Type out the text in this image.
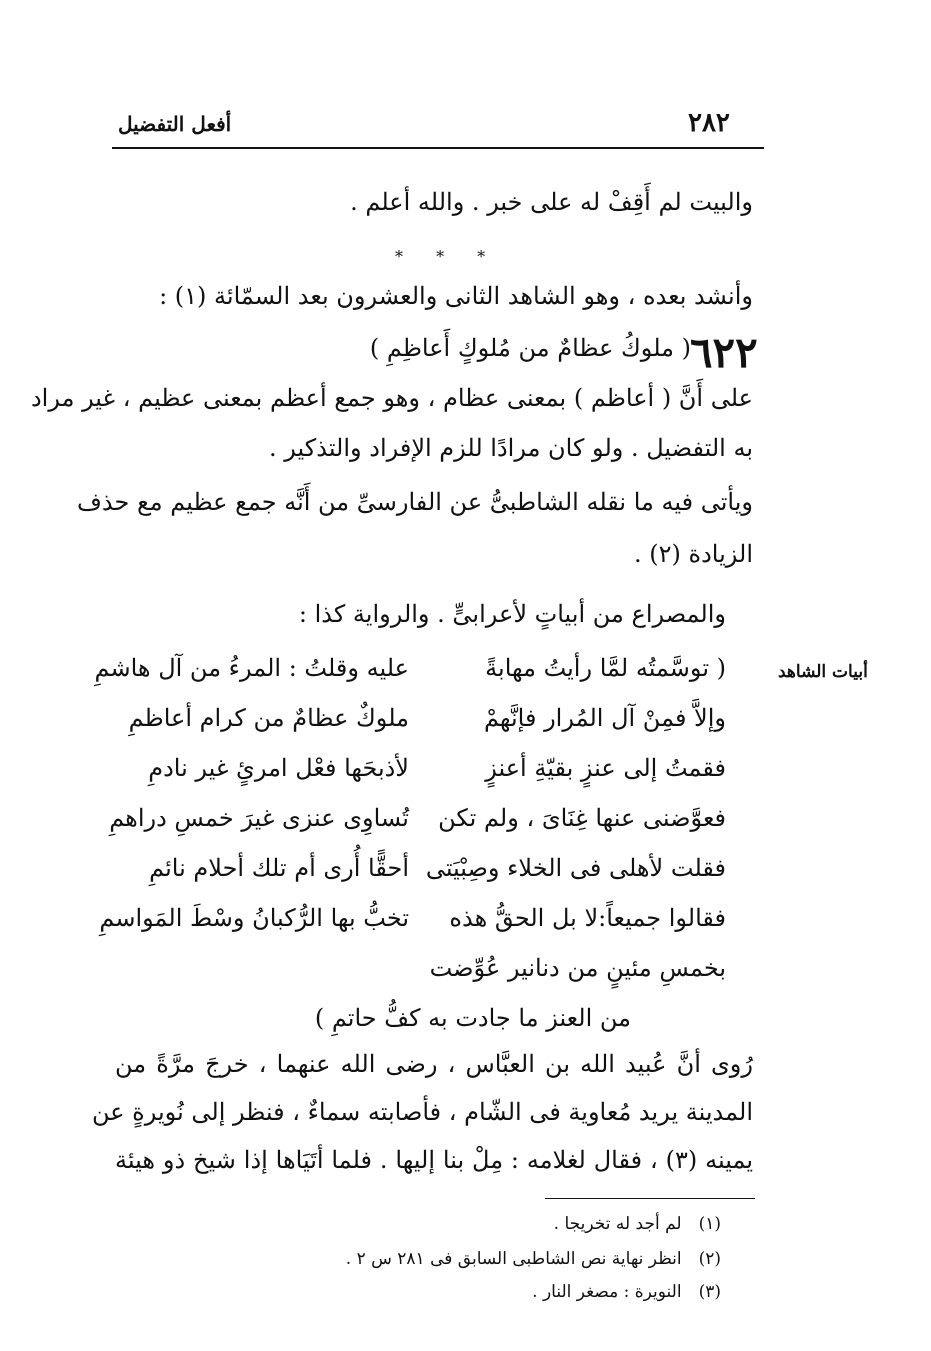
أفعل التفضيل	٢٨٢
والبيت لم أَقِفْ له على خبر . والله أعلم .
* * *
وأنشد بعده ، وهو الشاهد الثانى والعشرون بعد السمّائة (١) :
٦٢٢
( ملوكُ عظامٌ من مُلوكٍ أَعاظِمِ )
على أَنَّ ( أعاظم ) بمعنى عظام ، وهو جمع أعظم بمعنى عظيم ، غير مراد
به التفضيل . ولو كان مرادًا للزم الإفراد والتذكير .
ويأتى فيه ما نقله الشاطبىُّ عن الفارسىِّ من أَنَّه جمع عظيم مع حذف
الزيادة (٢) .
والمصراع من أبياتٍ لأعرابىٍّ . والرواية كذا :
أبيات الشاهد
( توسَّمتُه لمَّا رأيتُ مهابةً
عليه وقلتُ : المرءُ من آل هاشمِ
وإلاَّ فمِنْ آل المُرار فإنَّهمْ
ملوكٌ عظامٌ من كرام أعاظمِ
فقمتُ إلى عنزٍ بقيّةِ أعنزٍ
لأذبحَها فعْل امرئٍ غير نادمِ
فعوَّضنى عنها غِنَاىَ ، ولم تكن
تُساوِى عنزى غيرَ خمسِ دراهمِ
فقلت لأهلى فى الخلاء وصِبْيَتى
أحقًّا أُرى أم تلك أحلام نائمِ
فقالوا جميعاً:لا بل الحقُّ هذه
تخبُّ بها الرُّكبانُ وسْطَ المَواسمِ
بخمسِ مئينٍ من دنانير عُوِّضت
من العنز ما جادت به كفُّ حاتمِ )
رُوى أنَّ عُبيد الله بن العبَّاس ، رضى الله عنهما ، خرجَ مرَّةً من
المدينة يريد مُعاوية فى الشّام ، فأصابته سماءٌ ، فنظر إلى نُويرةٍ عن
يمينه (٣) ، فقال لغلامه : مِلْ بنا إليها . فلما أتَيَاها إذا شيخ ذو هيئة
(١) لم أجد له تخريجا .
(٢) انظر نهاية نص الشاطبى السابق فى ٢٨١ س ٢ .
(٣) النويرة : مصغر النار .
